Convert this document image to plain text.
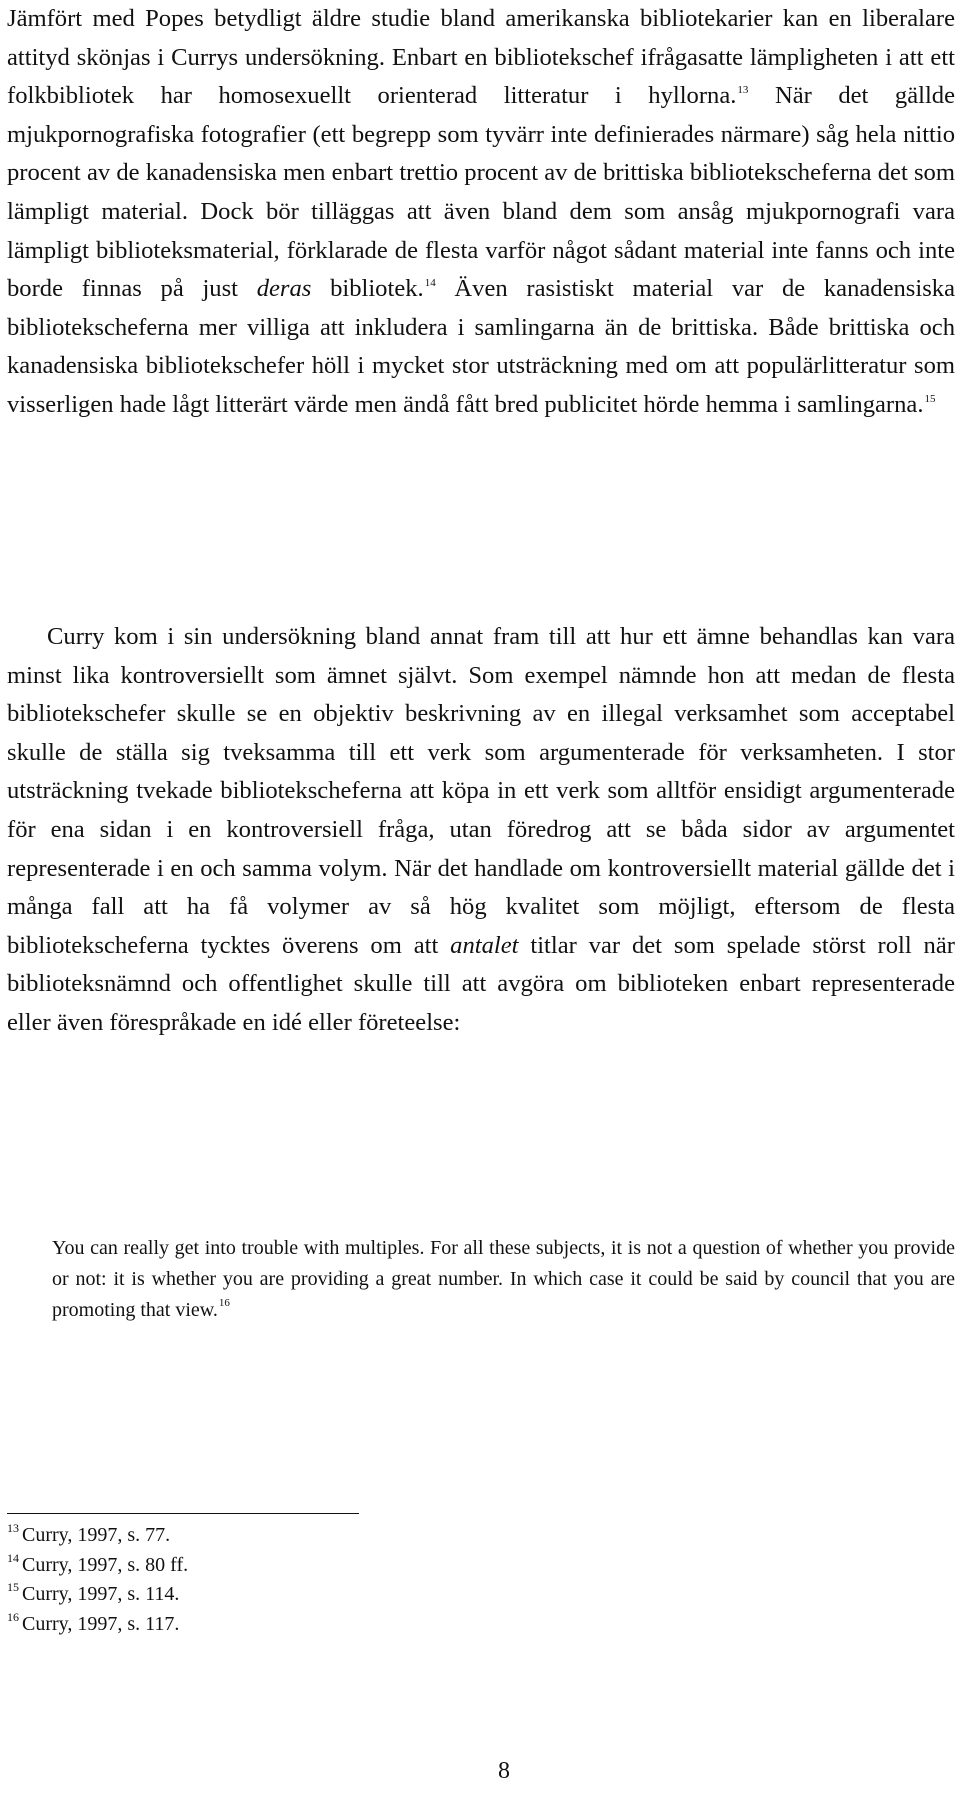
Jämfört med Popes betydligt äldre studie bland amerikanska bibliotekarier kan en liberalare attityd skönjas i Currys undersökning. Enbart en bibliotekschef ifrågasatte lämpligheten i att ett folkbibliotek har homosexuellt orienterad litteratur i hyllorna.$^{13}$ När det gällde mjukpornografiska fotografier (ett begrepp som tyvärr inte definierades närmare) såg hela nittio procent av de kanadensiska men enbart trettio procent av de brittiska bibliotekscheferna det som lämpligt material. Dock bör tilläggas att även bland dem som ansåg mjukpornografi vara lämpligt biblioteksmaterial, förklarade de flesta varför något sådant material inte fanns och inte borde finnas på just deras bibliotek.$^{14}$ Även rasistiskt material var de kanadensiska bibliotekscheferna mer villiga att inkludera i samlingarna än de brittiska. Både brittiska och kanadensiska bibliotekschefer höll i mycket stor utsträckning med om att populärlitteratur som visserligen hade lågt litterärt värde men ändå fått bred publicitet hörde hemma i samlingarna.$^{15}$

Curry kom i sin undersökning bland annat fram till att hur ett ämne behandlas kan vara minst lika kontroversiellt som ämnet självt. Som exempel nämnde hon att medan de flesta bibliotekschefer skulle se en objektiv beskrivning av en illegal verksamhet som acceptabel skulle de ställa sig tveksamma till ett verk som argumenterade för verksamheten. I stor utsträckning tvekade bibliotekscheferna att köpa in ett verk som alltför ensidigt argumenterade för ena sidan i en kontroversiell fråga, utan föredrog att se båda sidor av argumentet representerade i en och samma volym. När det handlade om kontroversiellt material gällde det i många fall att ha få volymer av så hög kvalitet som möjligt, eftersom de flesta bibliotekscheferna tycktes överens om att antalet titlar var det som spelade störst roll när biblioteksnämnd och offentlighet skulle till att avgöra om biblioteken enbart representerade eller även förespråkade en idé eller företeelse:

You can really get into trouble with multiples. For all these subjects, it is not a question of whether you provide or not: it is whether you are providing a great number. In which case it could be said by council that you are promoting that view.$^{16}$
$^{13}$ Curry, 1997, s. 77.
$^{14}$ Curry, 1997, s. 80 ff.
$^{15}$ Curry, 1997, s. 114.
$^{16}$ Curry, 1997, s. 117.
8
